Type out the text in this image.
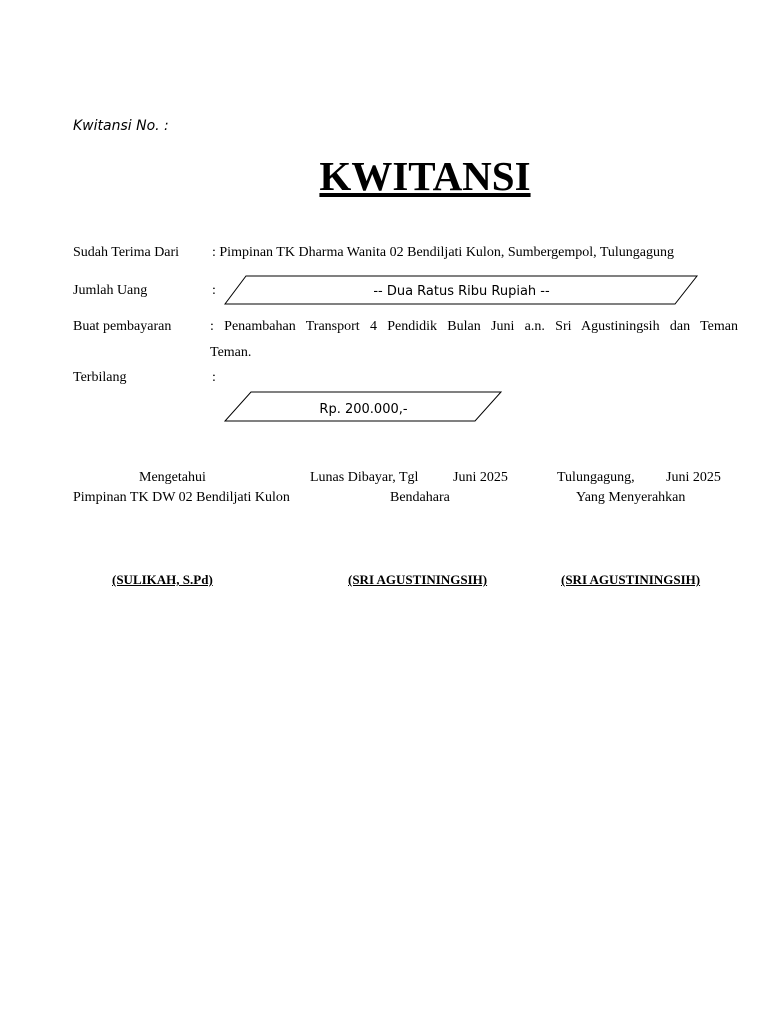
Kwitansi No. :
KWITANSI
Sudah Terima Dari : Pimpinan TK Dharma Wanita 02 Bendiljati Kulon, Sumbergempol, Tulungagung
Jumlah Uang	:	-- Dua Ratus Ribu Rupiah --
Buat pembayaran	: Penambahan Transport 4 Pendidik Bulan Juni a.n. Sri Agustiningsih dan Teman
Teman.
Terbilang	:
Rp. 200.000,-
Mengetahui	Lunas Dibayar, Tgl Juni 2025	Tulungagung, Juni 2025
Pimpinan TK DW 02 Bendiljati Kulon	Bendahara	Yang Menyerahkan
(SULIKAH, S.Pd)	(SRI AGUSTININGSIH)	(SRI AGUSTININGSIH)
